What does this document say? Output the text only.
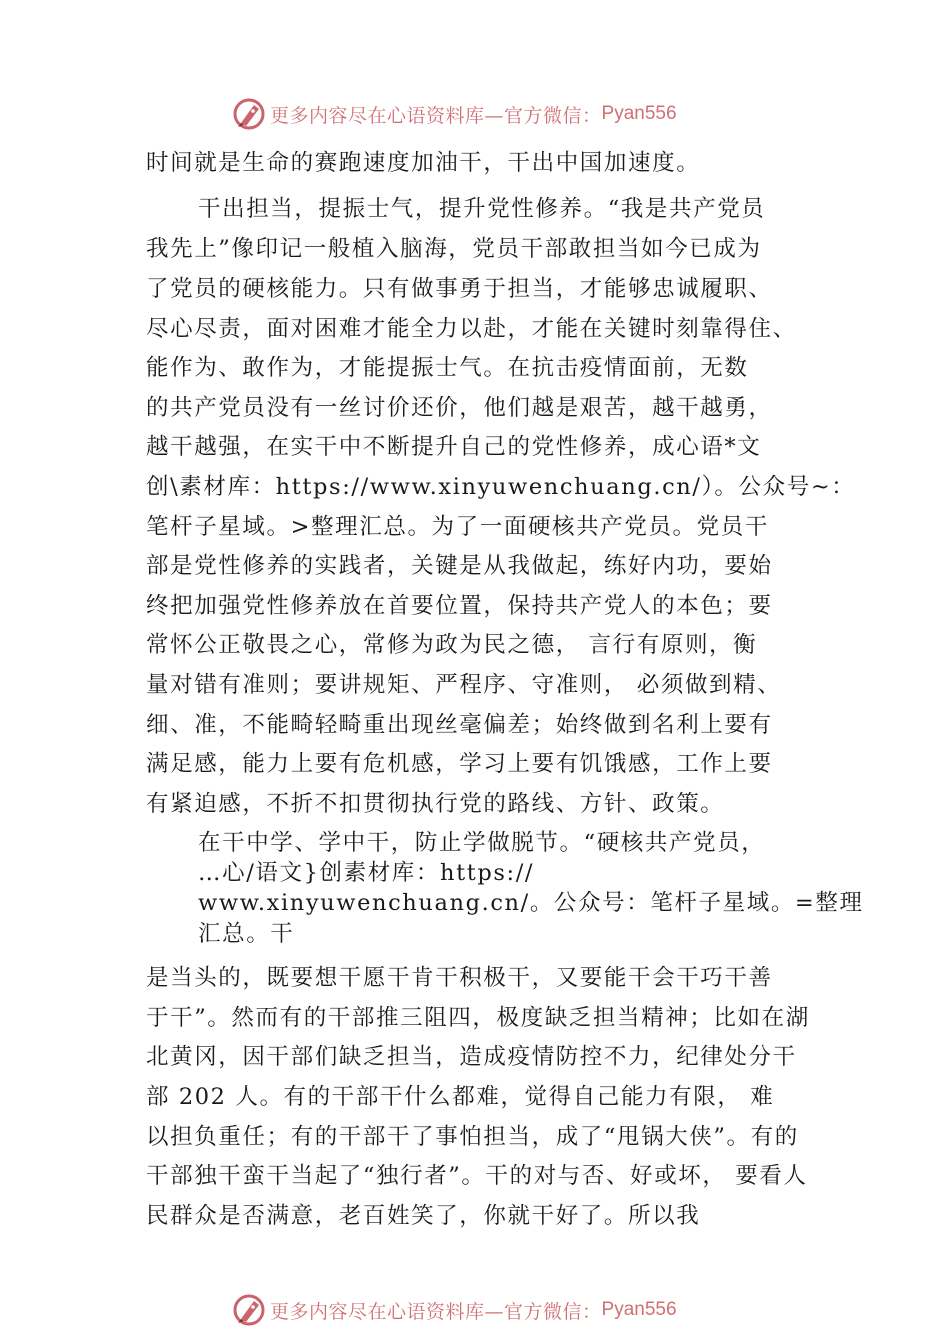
更多内容尽在心语资料库—官方微信： Pyan556
时间就是生命的赛跑速度加油干，干出中国加速度。
干出担当，提振士气，提升党性修养。“我是共产党员
我先上”像印记一般植入脑海，党员干部敢担当如今已成为
了党员的硬核能力。只有做事勇于担当，才能够忠诚履职、
尽心尽责，面对困难才能全力以赴，才能在关键时刻靠得住、
能作为、敢作为，才能提振士气。在抗击疫情面前，无数
的共产党员没有一丝讨价还价，他们越是艰苦，越干越勇，
越干越强，在实干中不断提升自己的党性修养，成心语*文
创\素材库：https://www.xinyuwenchuang.cn/）。公众号~：
笔杆子星域。>整理汇总。为了一面硬核共产党员。党员干
部是党性修养的实践者，关键是从我做起，练好内功，要始
终把加强党性修养放在首要位置，保持共产党人的本色；要
常怀公正敬畏之心，常修为政为民之德， 言行有原则，衡
量对错有准则；要讲规矩、严程序、守准则， 必须做到精、
细、准，不能畸轻畸重出现丝毫偏差；始终做到名利上要有
满足感，能力上要有危机感，学习上要有饥饿感，工作上要
有紧迫感，不折不扣贯彻执行党的路线、方针、政策。
在干中学、学中干，防止学做脱节。“硬核共产党员，
…心/语文}创素材库：https://
www.xinyuwenchuang.cn/。公众号：笔杆子星域。=整理
汇总。干
是当头的，既要想干愿干肯干积极干，又要能干会干巧干善
于干”。然而有的干部推三阻四，极度缺乏担当精神；比如在湖
北黄冈，因干部们缺乏担当，造成疫情防控不力，纪律处分干
部 202 人。有的干部干什么都难，觉得自己能力有限， 难
以担负重任；有的干部干了事怕担当，成了“甩锅大侠”。有的
干部独干蛮干当起了“独行者”。干的对与否、好或坏， 要看人
民群众是否满意，老百姓笑了，你就干好了。所以我
更多内容尽在心语资料库—官方微信： Pyan556
